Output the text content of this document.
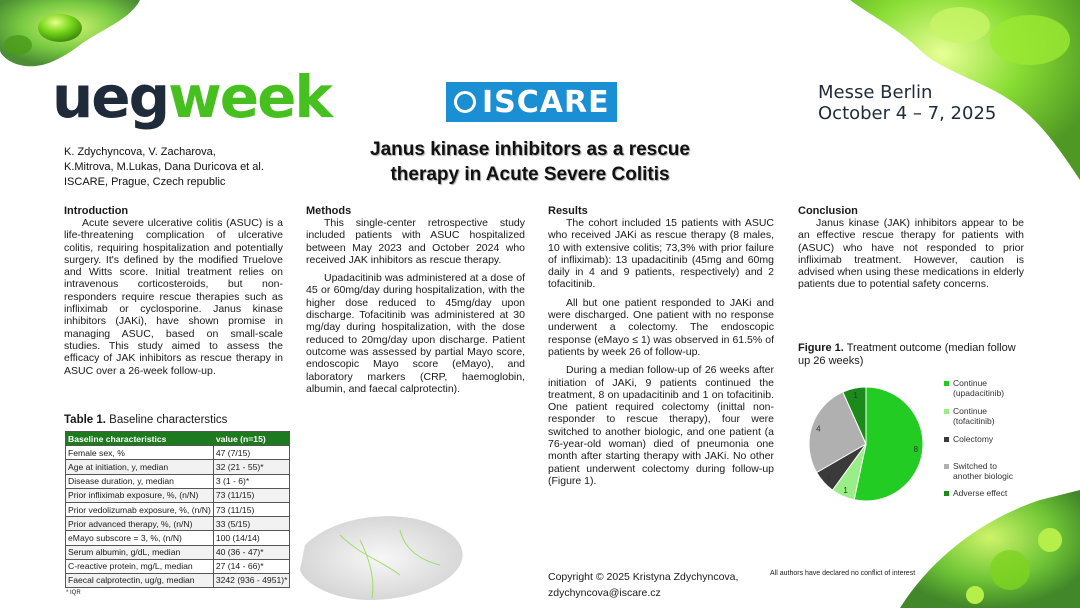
uegweek	ISCARE	Messe Berlin
October 4 – 7, 2025
K. Zdychyncova, V. Zacharova,
K.Mitrova, M.Lukas, Dana Duricova et al.
ISCARE, Prague, Czech republic
Janus kinase inhibitors as a rescue
therapy in Acute Severe Colitis
Introduction

Acute severe ulcerative colitis (ASUC) is a life-threatening complication of ulcerative colitis, requiring hospitalization and potentially surgery. It's defined by the modified Truelove and Witts score. Initial treatment relies on intravenous corticosteroids, but non-responders require rescue therapies such as infliximab or cyclosporine. Janus kinase inhibitors (JAKi), have shown promise in managing ASUC, based on small-scale studies. This study aimed to assess the efficacy of JAK inhibitors as rescue therapy in ASUC over a 26-week follow-up.

Table 1. Baseline characterstics
Baseline characteristics	value (n=15)
Female sex, %	47 (7/15)
Age at initiation, y, median	32 (21 - 55)*
Disease duration, y, median	3 (1 - 6)*
Prior infliximab exposure, %, (n/N)	73 (11/15)
Prior vedolizumab exposure, %, (n/N)	73 (11/15)
Prior advanced therapy, %, (n/N)	33 (5/15)
eMayo subscore = 3, %, (n/N)	100 (14/14)
Serum albumin, g/dL, median	40 (36 - 47)*
C-reactive protein, mg/L, median	27 (14 - 66)*
Faecal calprotectin, ug/g, median	3242 (936 - 4951)*
* IQR
Methods

This single-center retrospective study included patients with ASUC hospitalized between May 2023 and October 2024 who received JAK inhibitors as rescue therapy.

Upadacitinib was administered at a dose of 45 or 60mg/day during hospitalization, with the higher dose reduced to 45mg/day upon discharge. Tofacitinib was administered at 30 mg/day during hospitalization, with the dose reduced to 20mg/day upon discharge. Patient outcome was assessed by partial Mayo score, endoscopic Mayo score (eMayo), and laboratory markers (CRP, haemoglobin, albumin, and faecal calprotectin).

Results

The cohort included 15 patients with ASUC who received JAKi as rescue therapy (8 males, 10 with extensive colitis; 73,3% with prior failure of infliximab): 13 upadacitinib (45mg and 60mg daily in 4 and 9 patients, respectively) and 2 tofacitinib.

All but one patient responded to JAKi and were discharged. One patient with no response underwent a colectomy. The endoscopic response (eMayo ≤ 1) was observed in 61.5% of patients by week 26 of follow-up.

During a median follow-up of 26 weeks after initiation of JAKi, 9 patients continued the treatment, 8 on upadacitinib and 1 on tofacitinib. One patient required colectomy (inittal non-responder to rescue therapy), four were switched to another biologic, and one patient (a 76-year-old woman) died of pneumonia one month after starting therapy with JAKi. No other patient underwent colectomy during follow-up (Figure 1).

Conclusion

Janus kinase (JAK) inhibitors appear to be an effective rescue therapy for patients with (ASUC) who have not responded to prior infliximab treatment. However, caution is advised when using these medications in elderly patients due to potential safety concerns.

Figure 1. Treatment outcome (median follow up 26 weeks)
8
1
1
4
1
Continue
(upadacitinib)
Continue
(tofacitinib)
Colectomy
Switched to
another biologic
Adverse effect
Copyright © 2025 Kristyna Zdychyncova,
zdychyncova@iscare.cz
All authors have declared no conflict of interest
